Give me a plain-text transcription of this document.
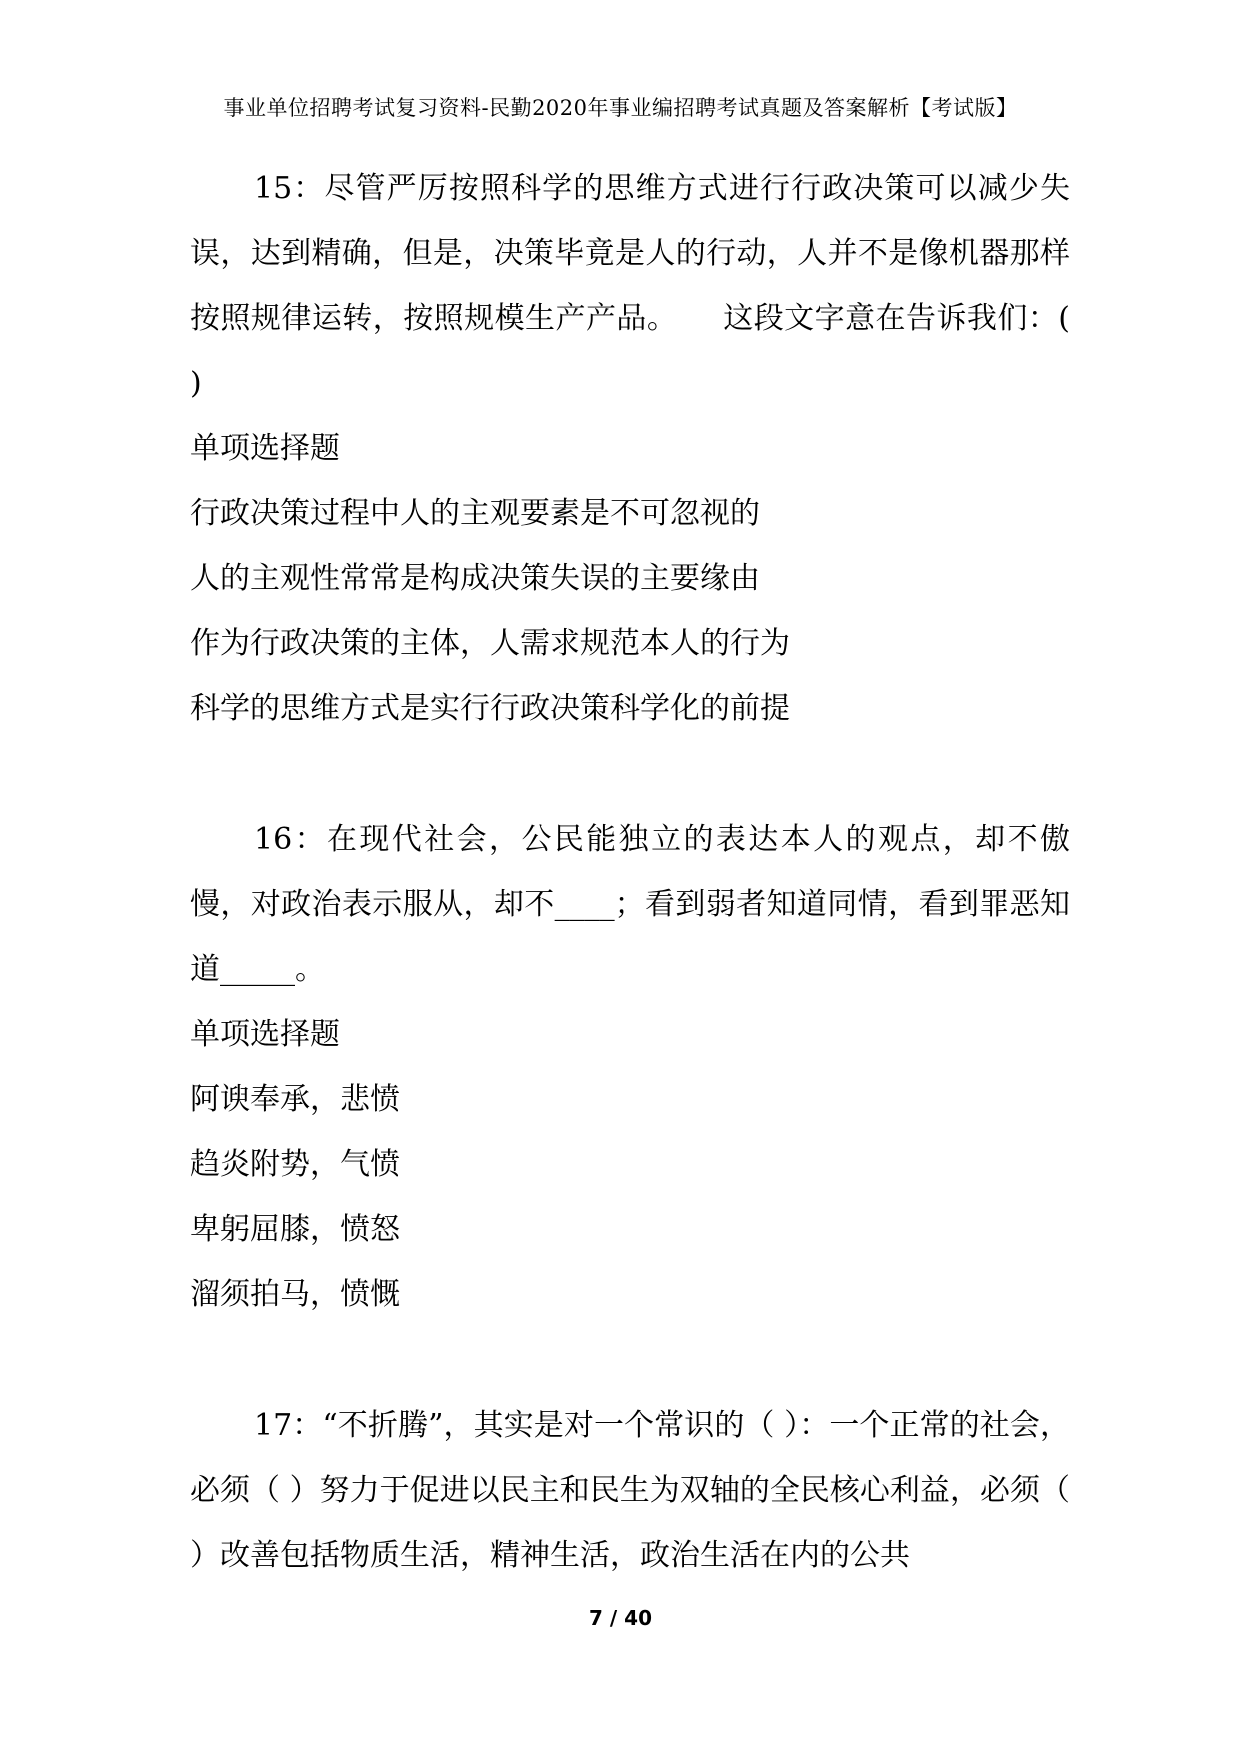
事业单位招聘考试复习资料-民勤2020年事业编招聘考试真题及答案解析【考试版】

15：尽管严厉按照科学的思维方式进行行政决策可以减少失误，达到精确，但是，决策毕竟是人的行动，人并不是像机器那样按照规律运转，按照规模生产产品。　　这段文字意在告诉我们：( )

单项选择题

行政决策过程中人的主观要素是不可忽视的

人的主观性常常是构成决策失误的主要缘由

作为行政决策的主体，人需求规范本人的行为

科学的思维方式是实行行政决策科学化的前提

16：在现代社会，公民能独立的表达本人的观点，却不傲慢，对政治表示服从，却不____；看到弱者知道同情，看到罪恶知道_____。

单项选择题

阿谀奉承，悲愤

趋炎附势，气愤

卑躬屈膝，愤怒

溜须拍马，愤慨

17：“不折腾”，其实是对一个常识的（ ）：一个正常的社会，必须（ ）努力于促进以民主和民生为双轴的全民核心利益，必须（ ）改善包括物质生活，精神生活，政治生活在内的公共

7 / 40
